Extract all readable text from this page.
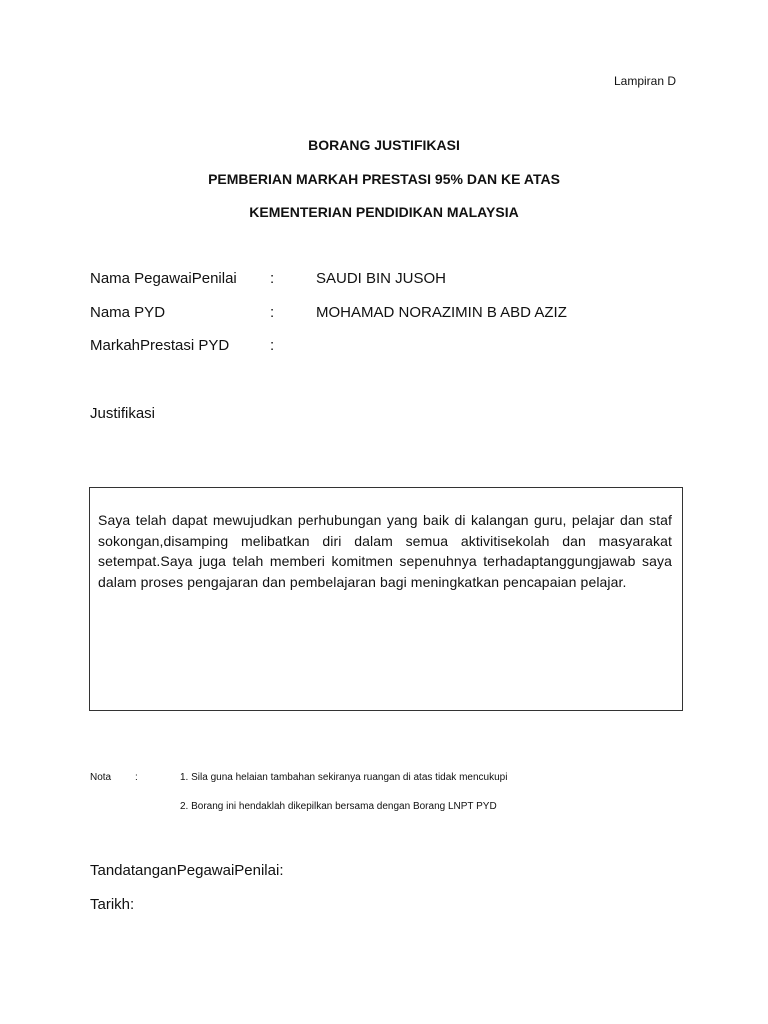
Lampiran D
BORANG JUSTIFIKASI
PEMBERIAN MARKAH PRESTASI 95% DAN KE ATAS
KEMENTERIAN PENDIDIKAN MALAYSIA
Nama PegawaiPenilai :	SAUDI BIN JUSOH
Nama PYD	:	MOHAMAD NORAZIMIN B ABD AZIZ
MarkahPrestasi PYD	:
Justifikasi
Saya telah dapat mewujudkan perhubungan yang baik di kalangan guru, pelajar dan staf sokongan,disamping melibatkan diri dalam semua aktivitisekolah dan masyarakat setempat.Saya juga telah memberi komitmen sepenuhnya terhadaptanggungjawab saya dalam proses pengajaran dan pembelajaran bagi meningkatkan pencapaian pelajar.
Nota :	1. Sila guna helaian tambahan sekiranya ruangan di atas tidak mencukupi
2. Borang ini hendaklah dikepilkan bersama dengan Borang LNPT PYD
TandatanganPegawaiPenilai:
Tarikh:
